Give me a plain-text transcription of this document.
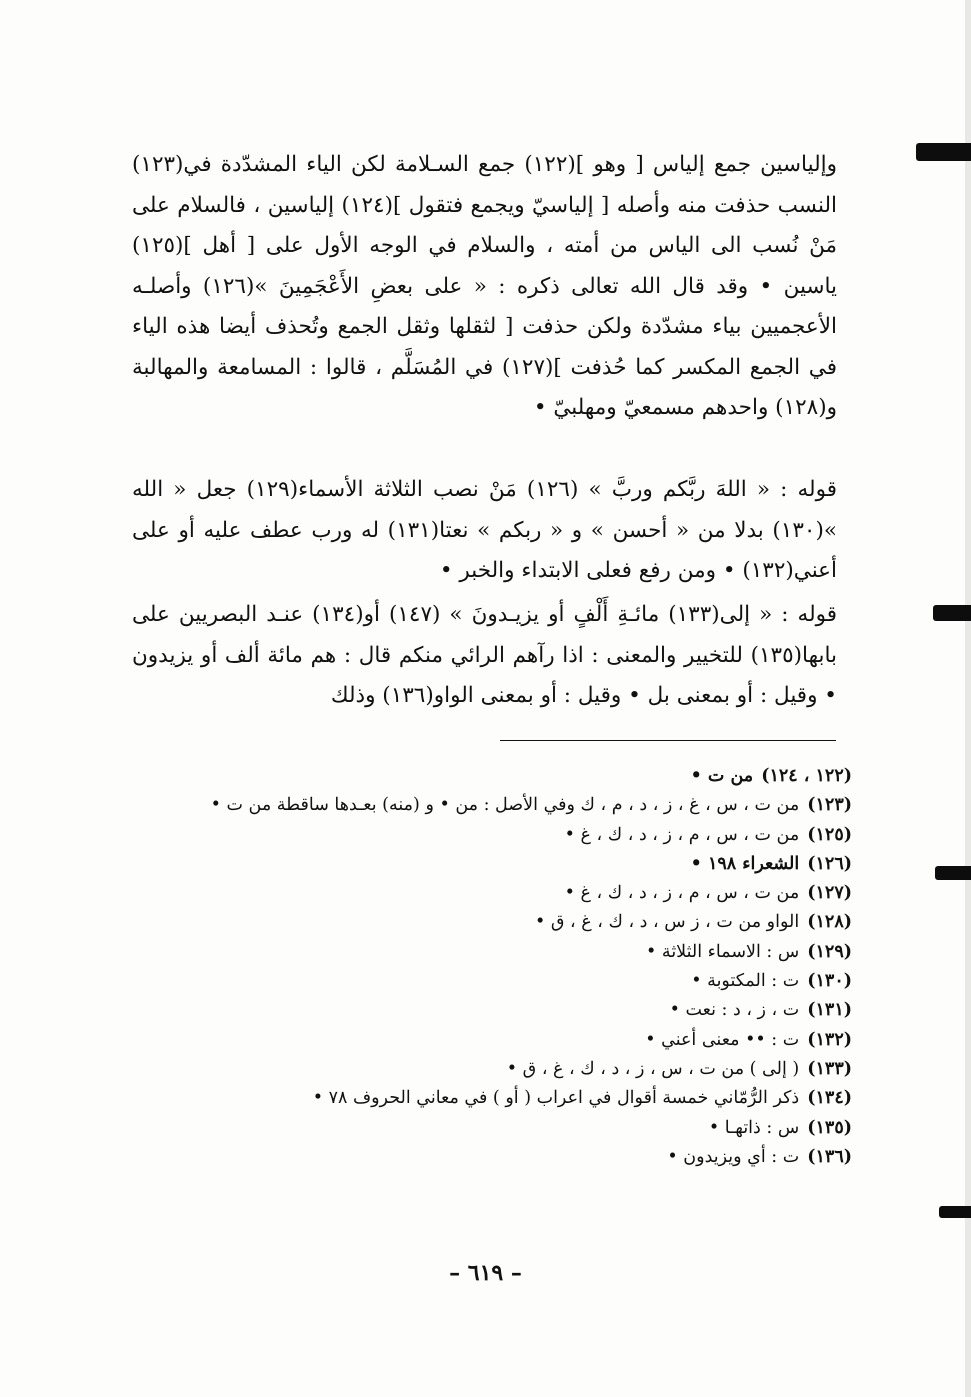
وإلياسين جمع إلياس [ وهو ](١٢٢) جمع السـلامة لكن الياء المشدّدة في(١٢٣) النسب حذفت منه وأصله [ إلياسيّ ويجمع فتقول ](١٢٤) إلياسين ، فالسلام على مَنْ نُسب الى الياس من أمته ، والسلام في الوجه الأول على [ أهل ](١٢٥) ياسين • وقد قال الله تعالى ذكره : « على بعضِ الأَعْجَمِينَ »(١٢٦) وأصلـه الأعجميين بياء مشدّدة ولكن حذفت [ لثقلها وثقل الجمع وتُحذف أيضا هذه الياء في الجمع المكسر كما حُذفت ](١٢٧) في المُسَلَّم ، قالوا : المسامعة والمهالبة و(١٢٨) واحدهم مسمعيّ ومهلبيّ •

قوله : « اللهَ ربَّكم وربَّ » (١٢٦) مَنْ نصب الثلاثة الأسماء(١٢٩) جعل « الله »(١٣٠) بدلا من « أحسن » و « ربكم » نعتا(١٣١) له ورب عطف عليه أو على أعني(١٣٢) • ومن رفع فعلى الابتداء والخبر •

قوله : « إلى(١٣٣) مائـةِ أَلْفٍ أو يزيـدونَ » (١٤٧) أو(١٣٤) عنـد البصريين على بابها(١٣٥) للتخيير والمعنى : اذا رآهم الرائي منكم قال : هم مائة ألف أو يزيدون • وقيل : أو بمعنى بل • وقيل : أو بمعنى الواو(١٣٦) وذلك

(١٢٢ ، ١٢٤)
من ت •
(١٢٣)
من ت ، س ، غ ، ز ، د ، م ، ك وفي الأصل : من • و (منه) بعـدها ساقطة من ت •
(١٢٥)
من ت ، س ، م ، ز ، د ، ك ، غ •
(١٢٦)
الشعراء ١٩٨ •
(١٢٧)
من ت ، س ، م ، ز ، د ، ك ، غ •
(١٢٨)
الواو من ت ، ز س ، د ، ك ، غ ، ق •
(١٢٩)
س : الاسماء الثلاثة •
(١٣٠)
ت : المكتوبة •
(١٣١)
ت ، ز ، د : نعت •
(١٣٢)
ت : •• معنى أعني •
(١٣٣)
( إلى ) من ت ، س ، ز ، د ، ك ، غ ، ق •
(١٣٤)
ذكر الرُّمّاني خمسة أقوال في اعراب ( أو ) في معاني الحروف ٧٨ •
(١٣٥)
س : ذاتهـا •
(١٣٦)
ت : أي ويزيدون •
– ٦١٩ –
